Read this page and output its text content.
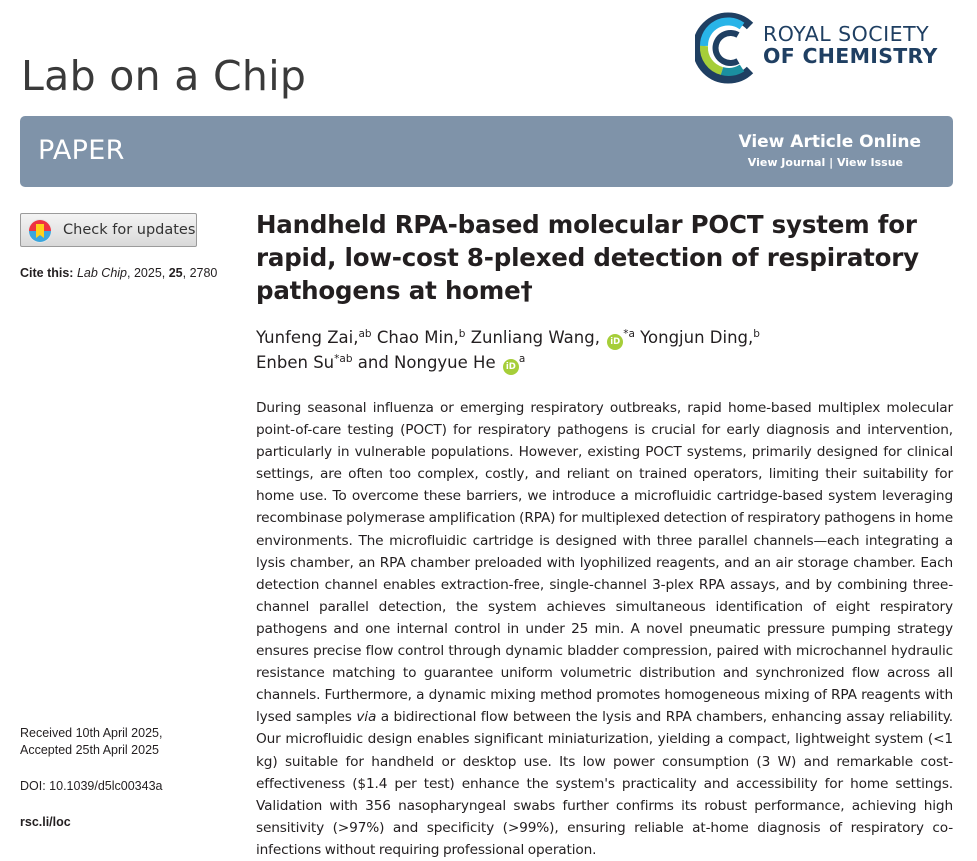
Lab on a Chip
ROYAL SOCIETY
OF CHEMISTRY
PAPER	View Article Online
View Journal | View Issue
Check for updates
Cite this: Lab Chip, 2025, 25, 2780
Received 10th April 2025,
Accepted 25th April 2025
DOI: 10.1039/d5lc00343a
rsc.li/loc
Handheld RPA-based molecular POCT system for rapid, low-cost 8-plexed detection of respiratory pathogens at home†
Yunfeng Zai,$^{ab}$ Chao Min,$^b$ Zunliang Wang, $iD^{*a}$ Yongjun Ding,$^b$
Enben $Su^{*ab}$ and Nongyue He $iD^a$
During seasonal influenza or emerging respiratory outbreaks, rapid home-based multiplex molecular point-of-care testing (POCT) for respiratory pathogens is crucial for early diagnosis and intervention, particularly in vulnerable populations. However, existing POCT systems, primarily designed for clinical settings, are often too complex, costly, and reliant on trained operators, limiting their suitability for home use. To overcome these barriers, we introduce a microfluidic cartridge-based system leveraging recombinase polymerase amplification (RPA) for multiplexed detection of respiratory pathogens in home environments. The microfluidic cartridge is designed with three parallel channels—each integrating a lysis chamber, an RPA chamber preloaded with lyophilized reagents, and an air storage chamber. Each detection channel enables extraction-free, single-channel 3-plex RPA assays, and by combining three-channel parallel detection, the system achieves simultaneous identification of eight respiratory pathogens and one internal control in under 25 min. A novel pneumatic pressure pumping strategy ensures precise flow control through dynamic bladder compression, paired with microchannel hydraulic resistance matching to guarantee uniform volumetric distribution and synchronized flow across all channels. Furthermore, a dynamic mixing method promotes homogeneous mixing of RPA reagents with lysed samples via a bidirectional flow between the lysis and RPA chambers, enhancing assay reliability. Our microfluidic design enables significant miniaturization, yielding a compact, lightweight system (<1 kg) suitable for handheld or desktop use. Its low power consumption (3 W) and remarkable cost-effectiveness ($1.4 per test) enhance the system's practicality and accessibility for home settings. Validation with 356 nasopharyngeal swabs further confirms its robust performance, achieving high sensitivity (>97%) and specificity (>99%), ensuring reliable at-home diagnosis of respiratory co-infections without requiring professional operation.
